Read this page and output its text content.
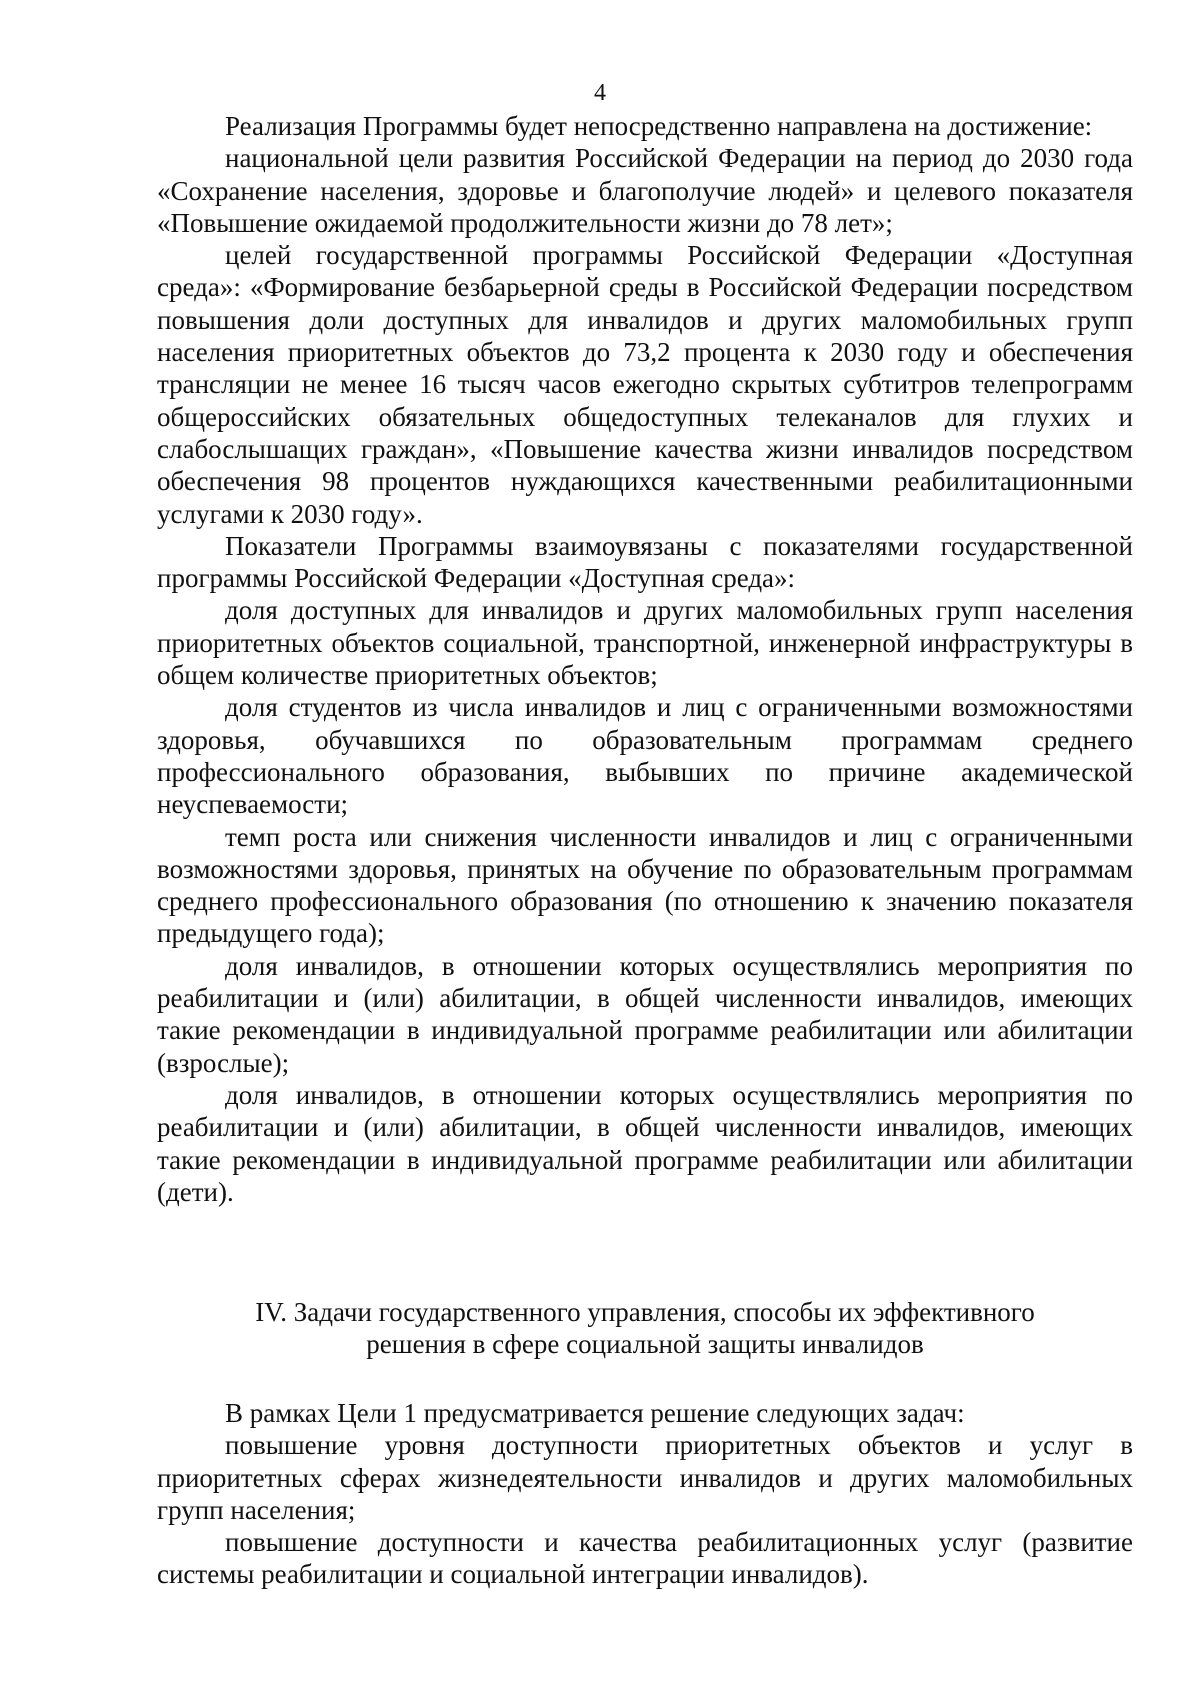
4

Реализация Программы будет непосредственно направлена на достижение:

национальной цели развития Российской Федерации на период до 2030 года «Сохранение населения, здоровье и благополучие людей» и целевого показателя «Повышение ожидаемой продолжительности жизни до 78 лет»;

целей государственной программы Российской Федерации «Доступная среда»: «Формирование безбарьерной среды в Российской Федерации посредством повышения доли доступных для инвалидов и других маломобильных групп населения приоритетных объектов до 73,2 процента к 2030 году и обеспечения трансляции не менее 16 тысяч часов ежегодно скрытых субтитров телепрограмм общероссийских обязательных общедоступных телеканалов для глухих и слабослышащих граждан», «Повышение качества жизни инвалидов посредством обеспечения 98 процентов нуждающихся качественными реабилитационными услугами к 2030 году».

Показатели Программы взаимоувязаны с показателями государственной программы Российской Федерации «Доступная среда»:

доля доступных для инвалидов и других маломобильных групп населения приоритетных объектов социальной, транспортной, инженерной инфраструктуры в общем количестве приоритетных объектов;

доля студентов из числа инвалидов и лиц с ограниченными возможностями здоровья, обучавшихся по образовательным программам среднего профессионального образования, выбывших по причине академической неуспеваемости;

темп роста или снижения численности инвалидов и лиц с ограниченными возможностями здоровья, принятых на обучение по образовательным программам среднего профессионального образования (по отношению к значению показателя предыдущего года);

доля инвалидов, в отношении которых осуществлялись мероприятия по реабилитации и (или) абилитации, в общей численности инвалидов, имеющих такие рекомендации в индивидуальной программе реабилитации или абилитации (взрослые);

доля инвалидов, в отношении которых осуществлялись мероприятия по реабилитации и (или) абилитации, в общей численности инвалидов, имеющих такие рекомендации в индивидуальной программе реабилитации или абилитации (дети).

IV. Задачи государственного управления, способы их эффективного
решения в сфере социальной защиты инвалидов

В рамках Цели 1 предусматривается решение следующих задач:

повышение уровня доступности приоритетных объектов и услуг в приоритетных сферах жизнедеятельности инвалидов и других маломобильных групп населения;

повышение доступности и качества реабилитационных услуг (развитие системы реабилитации и социальной интеграции инвалидов).
